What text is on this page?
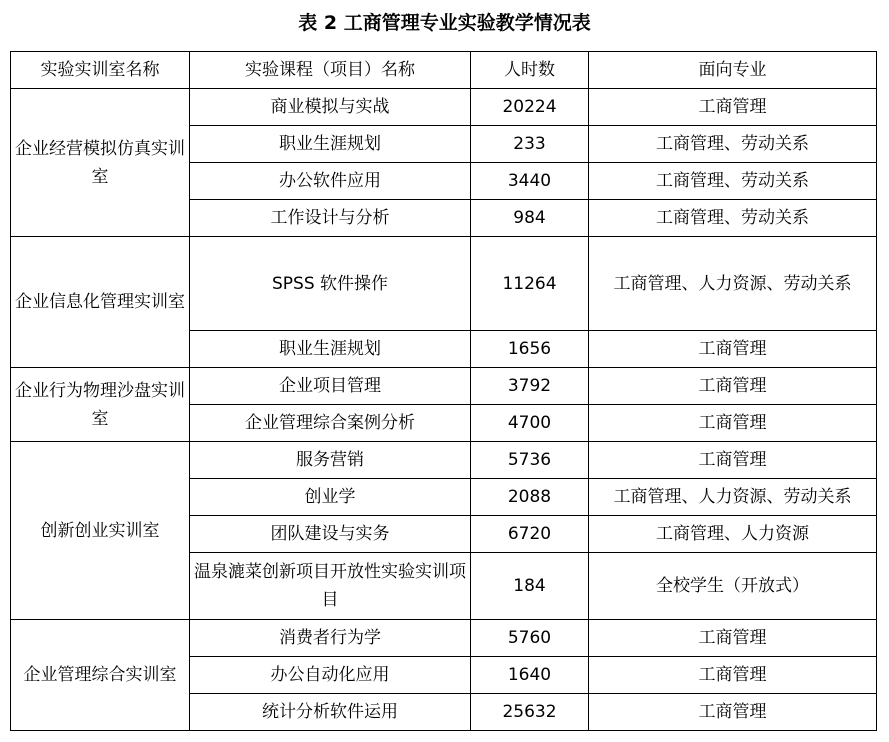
表 2 工商管理专业实验教学情况表
实验实训室名称	实验课程（项目）名称	人时数	面向专业
企业经营模拟仿真实训室	商业模拟与实战	20224	工商管理
	职业生涯规划	233	工商管理、劳动关系
	办公软件应用	3440	工商管理、劳动关系
	工作设计与分析	984	工商管理、劳动关系
企业信息化管理实训室	SPSS 软件操作	11264	工商管理、人力资源、劳动关系
	职业生涯规划	1656	工商管理
企业行为物理沙盘实训室	企业项目管理	3792	工商管理
	企业管理综合案例分析	4700	工商管理
创新创业实训室	服务营销	5736	工商管理
	创业学	2088	工商管理、人力资源、劳动关系
	团队建设与实务	6720	工商管理、人力资源
	温泉漉菜创新项目开放性实验实训项目	184	全校学生（开放式）
企业管理综合实训室	消费者行为学	5760	工商管理
	办公自动化应用	1640	工商管理
	统计分析软件运用	25632	工商管理
